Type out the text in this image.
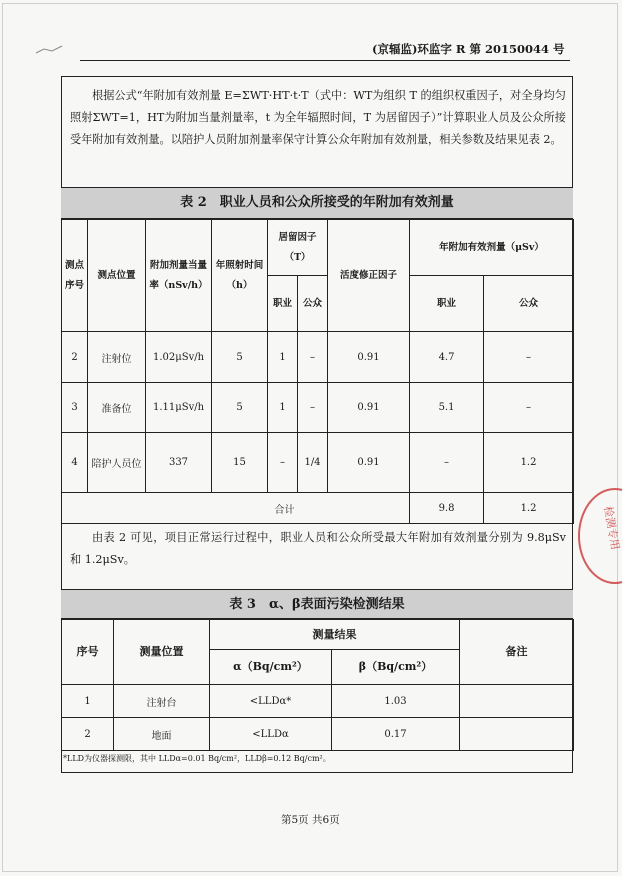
(京辐监)环监字 R 第 20150044 号
根据公式“年附加有效剂量 E=ΣWT·HT·t·T（式中：WT为组织 T 的组织权重因子，对全身均匀照射ΣWT=1，HT为附加当量剂量率，t 为全年辐照时间，T 为居留因子）”计算职业人员及公众所接受年附加有效剂量。以陪护人员附加剂量率保守计算公众年附加有效剂量，相关参数及结果见表 2。
表 2　职业人员和公众所接受的年附加有效剂量
测点序号	测点位置	附加剂量当量率（nSv/h）	年照射时间（h）	居留因子（T）		活度修正因子	年附加有效剂量（μSv）	
				职业	公众		职业	公众
2	注射位	1.02μSv/h	5	1	–	0.91	4.7	–
3	准备位	1.11μSv/h	5	1	–	0.91	5.1	–
4	陪护人员位	337	15	–	1/4	0.91	–	1.2
合计							9.8	1.2
由表 2 可见，项目正常运行过程中，职业人员和公众所受最大年附加有效剂量分别为 9.8μSv 和 1.2μSv。
表 3　α、β表面污染检测结果
序号	测量位置	测量结果		备注
		α（Bq/cm²）	β（Bq/cm²）	
1	注射台	<LLDα*	1.03	
2	地面	<LLDα	0.17	
*LLD为仪器探测限，其中 LLDα=0.01 Bq/cm²，LLDβ=0.12 Bq/cm²。
第5页 共6页
检测专用
